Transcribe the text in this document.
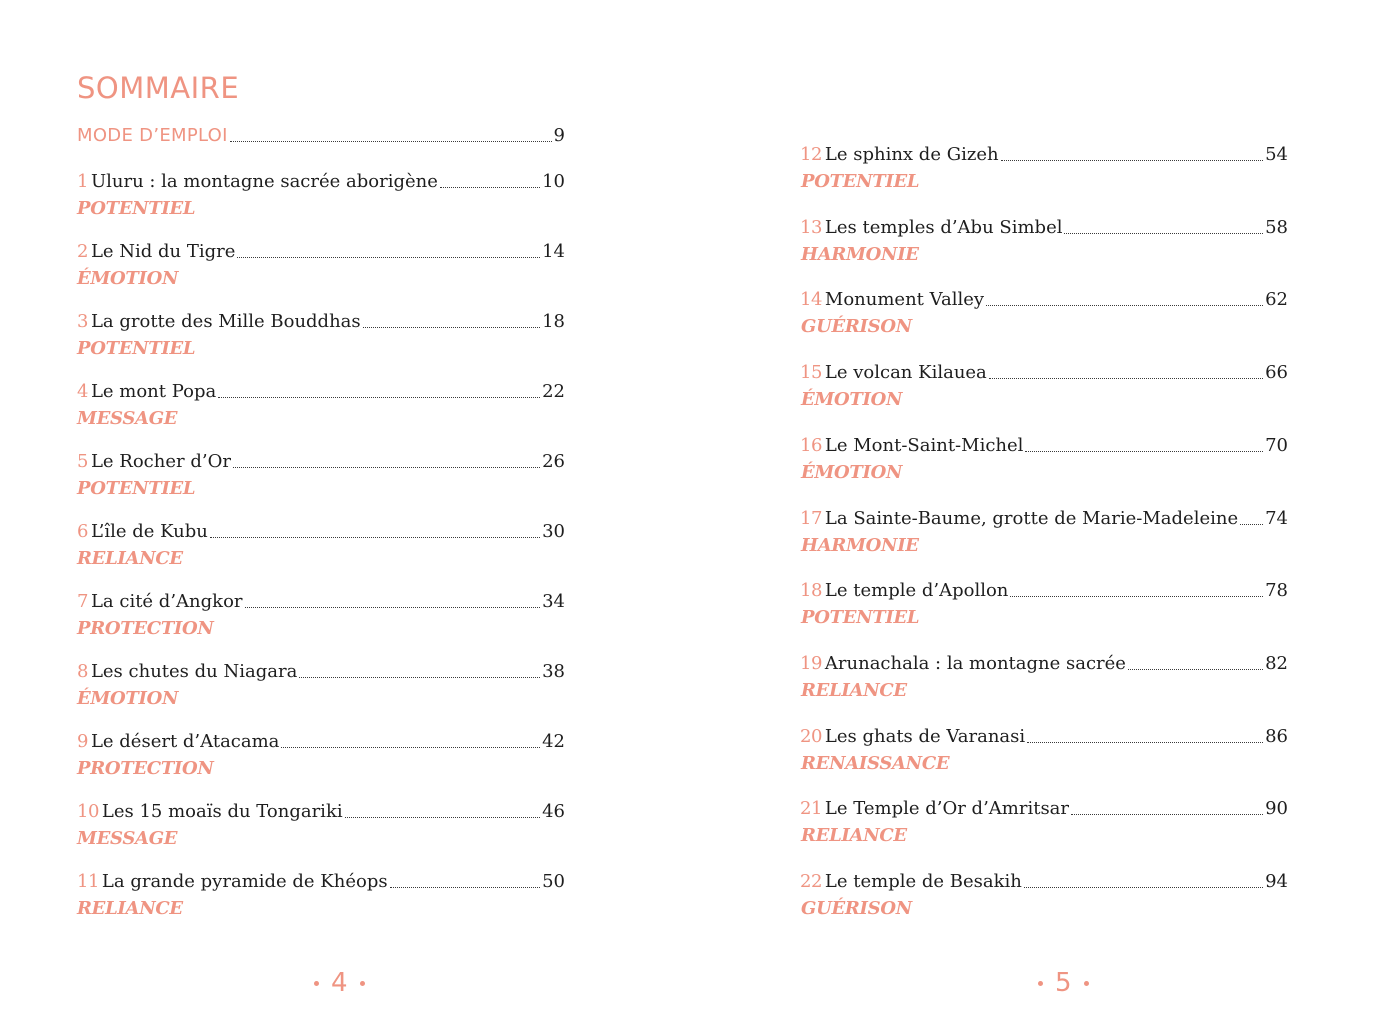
SOMMAIRE
MODE D’EMPLOI	9
1 Uluru : la montagne sacrée aborigène	10
POTENTIEL
2 Le Nid du Tigre	14
ÉMOTION
3 La grotte des Mille Bouddhas	18
POTENTIEL
4 Le mont Popa	22
MESSAGE
5 Le Rocher d’Or	26
POTENTIEL
6 L’île de Kubu	30
RELIANCE
7 La cité d’Angkor	34
PROTECTION
8 Les chutes du Niagara	38
ÉMOTION
9 Le désert d’Atacama	42
PROTECTION
10 Les 15 moaïs du Tongariki	46
MESSAGE
11 La grande pyramide de Khéops	50
RELIANCE
4
12 Le sphinx de Gizeh	54
POTENTIEL
13 Les temples d’Abu Simbel	58
HARMONIE
14 Monument Valley	62
GUÉRISON
15 Le volcan Kilauea	66
ÉMOTION
16 Le Mont-Saint-Michel	70
ÉMOTION
17 La Sainte-Baume, grotte de Marie-Madeleine 74
HARMONIE
18 Le temple d’Apollon	78
POTENTIEL
19 Arunachala : la montagne sacrée	82
RELIANCE
20 Les ghats de Varanasi	86
RENAISSANCE
21 Le Temple d’Or d’Amritsar	90
RELIANCE
22 Le temple de Besakih	94
GUÉRISON
5
